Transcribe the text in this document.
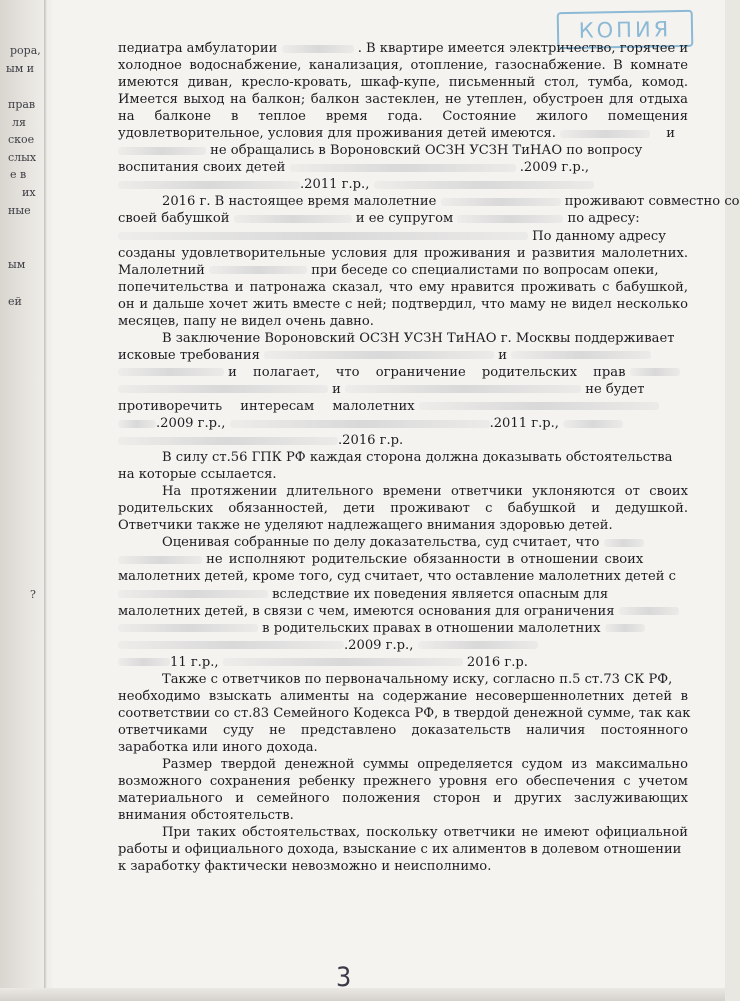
рора,
ым и
прав
ля
ское
слых
е в
их
ные
ым
ей
?
КОПИЯ
педиатра амбулатории	. В квартире имеется электричество, горячее и
холодное водоснабжение, канализация, отопление, газоснабжение. В комнате
имеются диван, кресло-кровать, шкаф-купе, письменный стол, тумба, комод.
Имеется выход на балкон; балкон застеклен, не утеплен, обустроен для отдыха
на балконе в теплое время года. Состояние жилого помещения
удовлетворительное, условия для проживания детей имеются.	и
не обращались в Вороновский ОСЗН УСЗН ТиНАО по вопросу
воспитания своих детей	.2009 г.р.,
.2011 г.р.,
2016 г. В настоящее время малолетние	проживают совместно со
своей бабушкой	и ее супругом	по адресу:
По данному адресу
созданы удовлетворительные условия для проживания и развития малолетних.
Малолетний	при беседе со специалистами по вопросам опеки,
попечительства и патронажа сказал, что ему нравится проживать с бабушкой,
он и дальше хочет жить вместе с ней; подтвердил, что маму не видел несколько
месяцев, папу не видел очень давно.
В заключение Вороновский ОСЗН УСЗН ТиНАО г. Москвы поддерживает
исковые требования	и
и полагает, что ограничение родительских прав
и	не будет
противоречить интересам малолетних
.2009 г.р.,	.2011 г.р.,
.2016 г.р.
В силу ст.56 ГПК РФ каждая сторона должна доказывать обстоятельства
на которые ссылается.
На протяжении длительного времени ответчики уклоняются от своих
родительских обязанностей, дети проживают с бабушкой и дедушкой.
Ответчики также не уделяют надлежащего внимания здоровью детей.
Оценивая собранные по делу доказательства, суд считает, что
не исполняют родительские обязанности в отношении своих
малолетних детей, кроме того, суд считает, что оставление малолетних детей с
вследствие их поведения является опасным для
малолетних детей, в связи с чем, имеются основания для ограничения
в родительских правах в отношении малолетних
.2009 г.р.,
11 г.р.,	2016 г.р.
Также с ответчиков по первоначальному иску, согласно п.5 ст.73 СК РФ,
необходимо взыскать алименты на содержание несовершеннолетних детей в
соответствии со ст.83 Семейного Кодекса РФ, в твердой денежной сумме, так как
ответчиками суду не представлено доказательств наличия постоянного
заработка или иного дохода.
Размер твердой денежной суммы определяется судом из максимально
возможного сохранения ребенку прежнего уровня его обеспечения с учетом
материального и семейного положения сторон и других заслуживающих
внимания обстоятельств.
При таких обстоятельствах, поскольку ответчики не имеют официальной
работы и официального дохода, взыскание с их алиментов в долевом отношении
к заработку фактически невозможно и неисполнимо.
3
